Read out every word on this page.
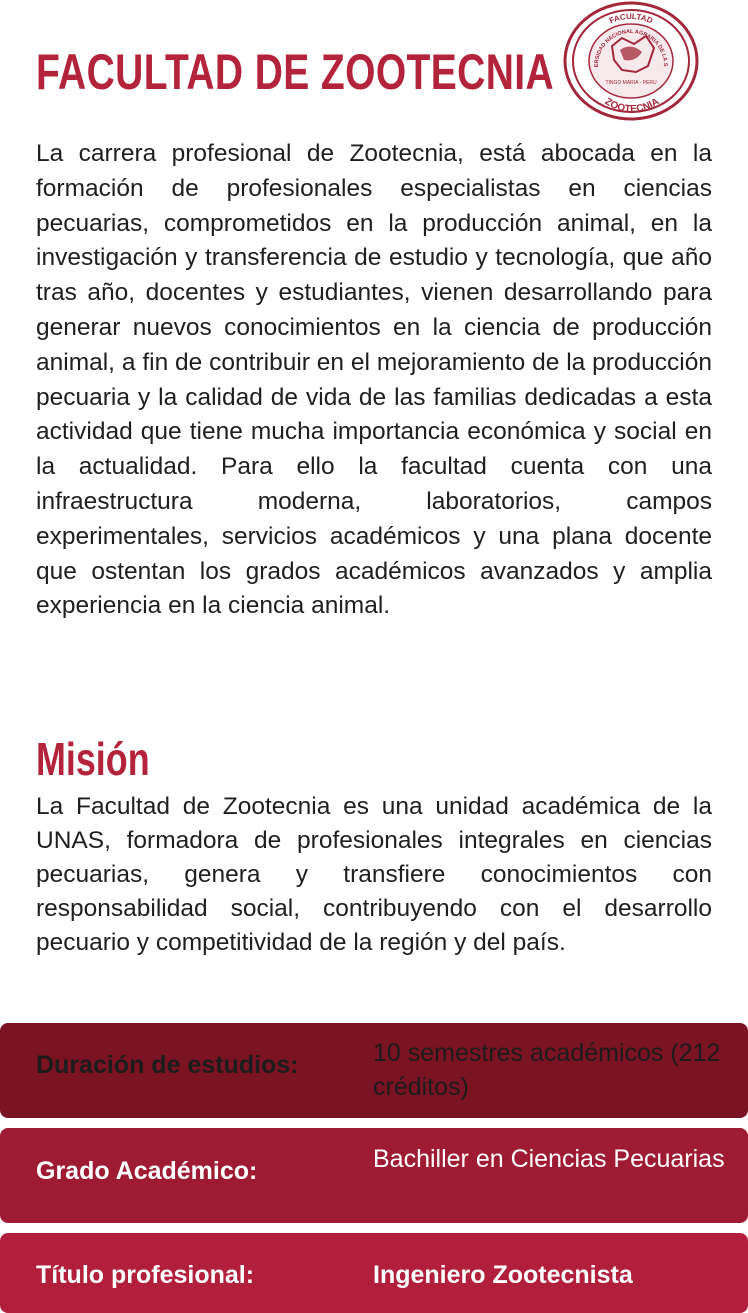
FACULTAD DE ZOOTECNIA
FACULTAD
ERSIDAD NACIONAL AGRARIA DE LA S
TINGO MARIA - PERU
ZOOTECNIA

La carrera profesional de Zootecnia, está abocada en la formación de profesionales especialistas en ciencias pecuarias, comprometidos en la producción animal, en la investigación y transferencia de estudio y tecnología, que año tras año, docentes y estudiantes, vienen desarrollando para generar nuevos conocimientos en la ciencia de producción animal, a fin de contribuir en el mejoramiento de la producción pecuaria y la calidad de vida de las familias dedicadas a esta actividad que tiene mucha importancia económica y social en la actualidad. Para ello la facultad cuenta con una infraestructura moderna, laboratorios, campos experimentales, servicios académicos y una plana docente que ostentan los grados académicos avanzados y amplia experiencia en la ciencia animal.

Misión

La Facultad de Zootecnia es una unidad académica de la UNAS, formadora de profesionales integrales en ciencias pecuarias, genera y transfiere conocimientos con responsabilidad social, contribuyendo con el desarrollo pecuario y competitividad de la región y del país.

Duración de estudios:	10 semestres académicos (212 créditos)
Grado Académico:	Bachiller en Ciencias Pecuarias
Título profesional:	Ingeniero Zootecnista
